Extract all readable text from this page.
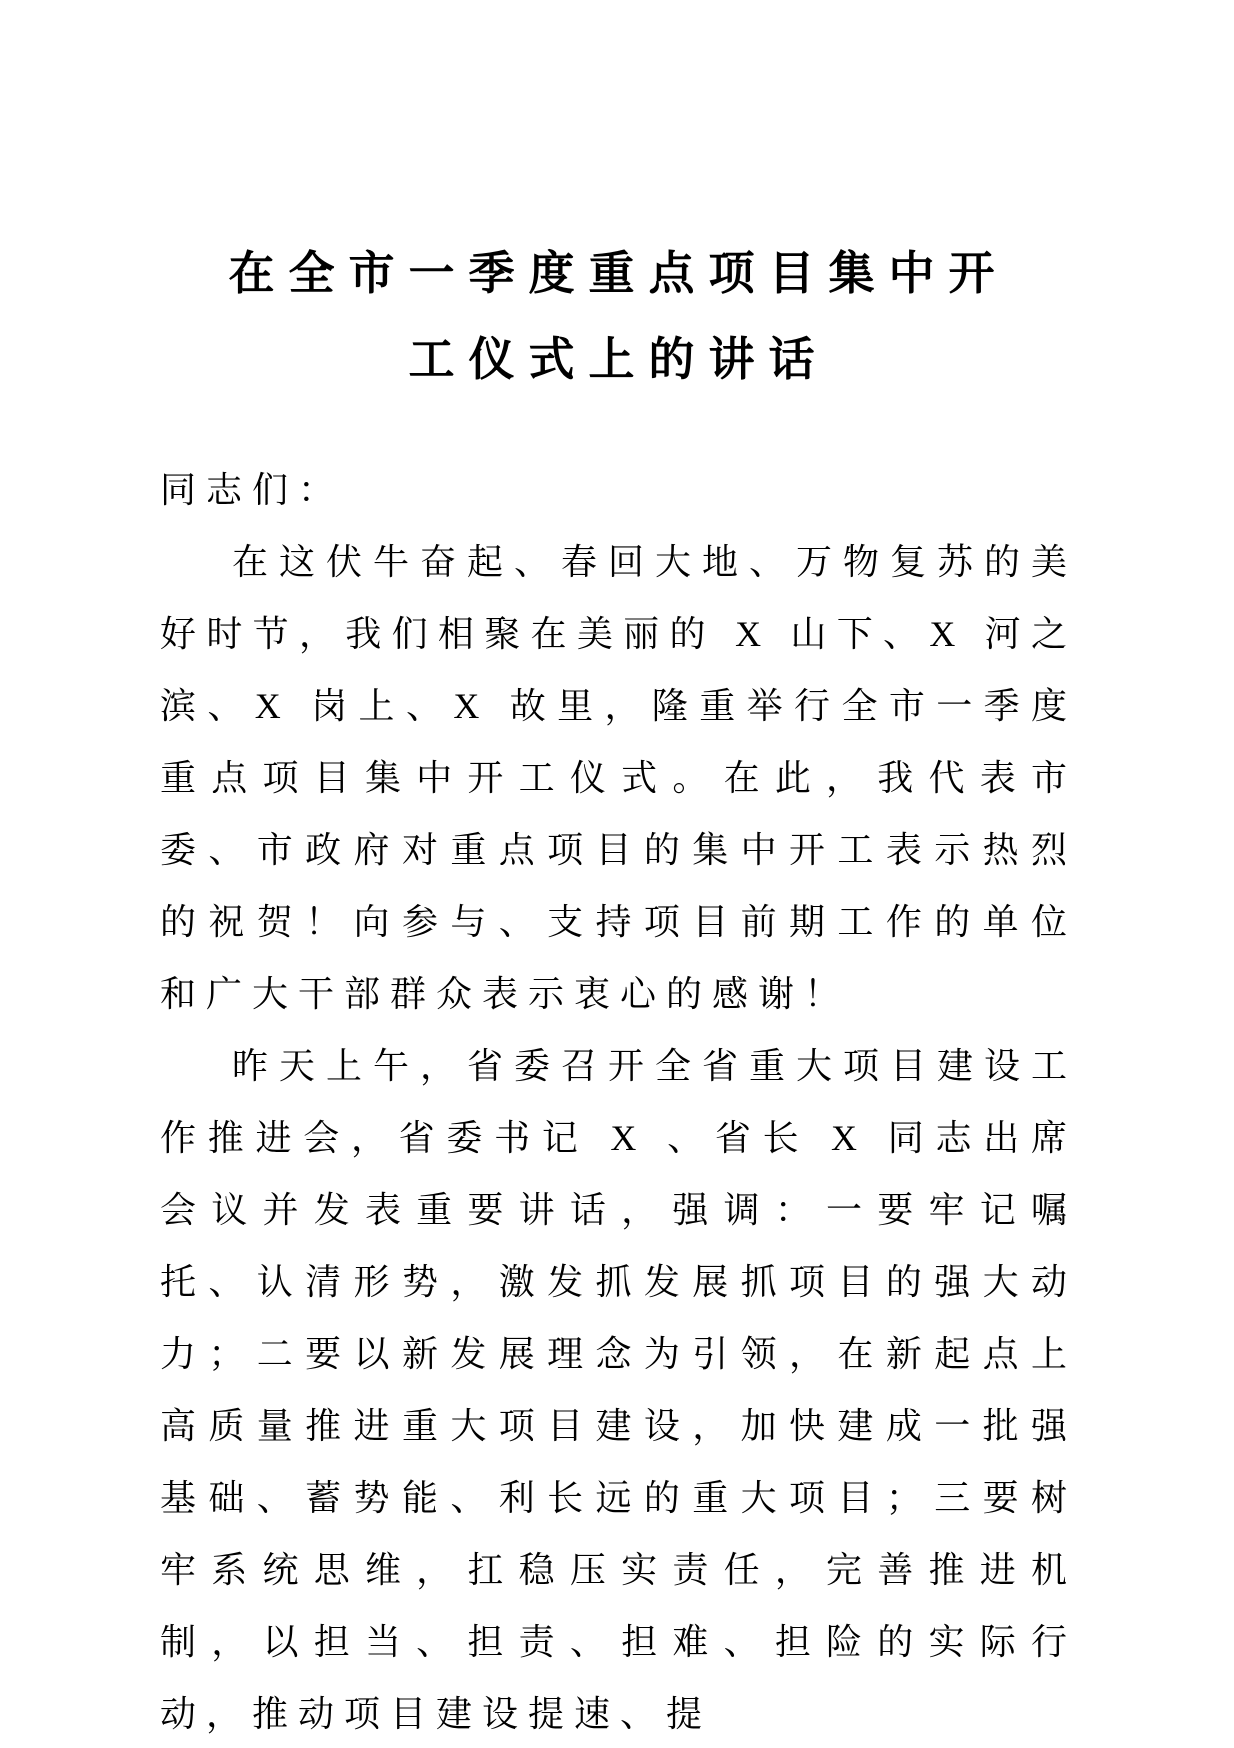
在全市一季度重点项目集中开
工仪式上的讲话

同志们：

在这伏牛奋起、春回大地、万物复苏的美好时节，我们相聚在美丽的 X 山下、X 河之滨、X 岗上、X 故里，隆重举行全市一季度重点项目集中开工仪式。在此，我代表市委、市政府对重点项目的集中开工表示热烈的祝贺！向参与、支持项目前期工作的单位和广大干部群众表示衷心的感谢！

昨天上午，省委召开全省重大项目建设工作推进会，省委书记 X 、省长 X 同志出席会议并发表重要讲话，强调：一要牢记嘱托、认清形势，激发抓发展抓项目的强大动力；二要以新发展理念为引领，在新起点上高质量推进重大项目建设，加快建成一批强基础、蓄势能、利长远的重大项目；三要树牢系统思维，扛稳压实责任，完善推进机制，以担当、担责、担难、担险的实际行动，推动项目建设提速、提
